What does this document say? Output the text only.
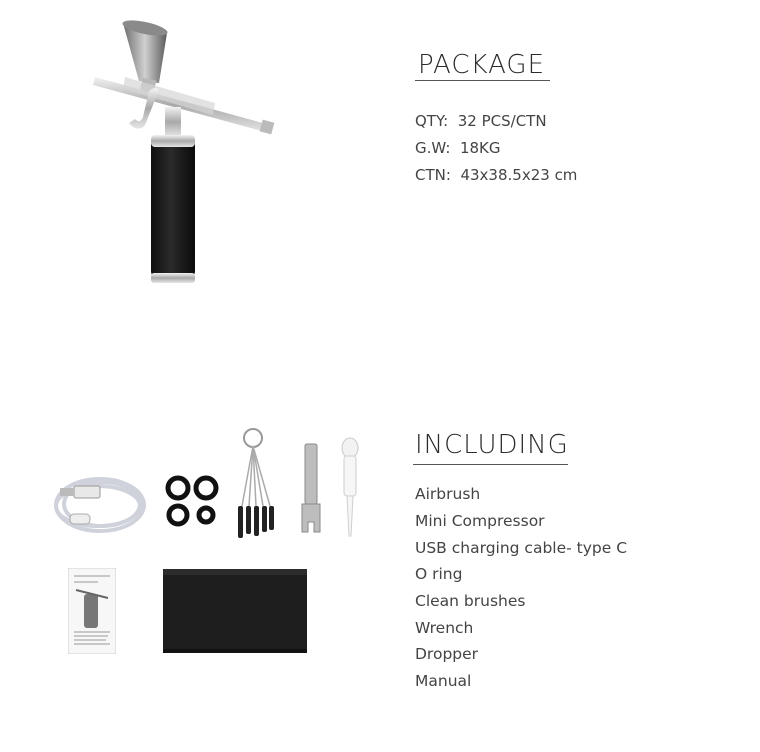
PACKAGE
QTY: 32 PCS/CTN
G.W: 18KG
CTN: 43x38.5x23 cm
INCLUDING
Airbrush
Mini Compressor
USB charging cable- type C
O ring
Clean brushes
Wrench
Dropper
Manual
